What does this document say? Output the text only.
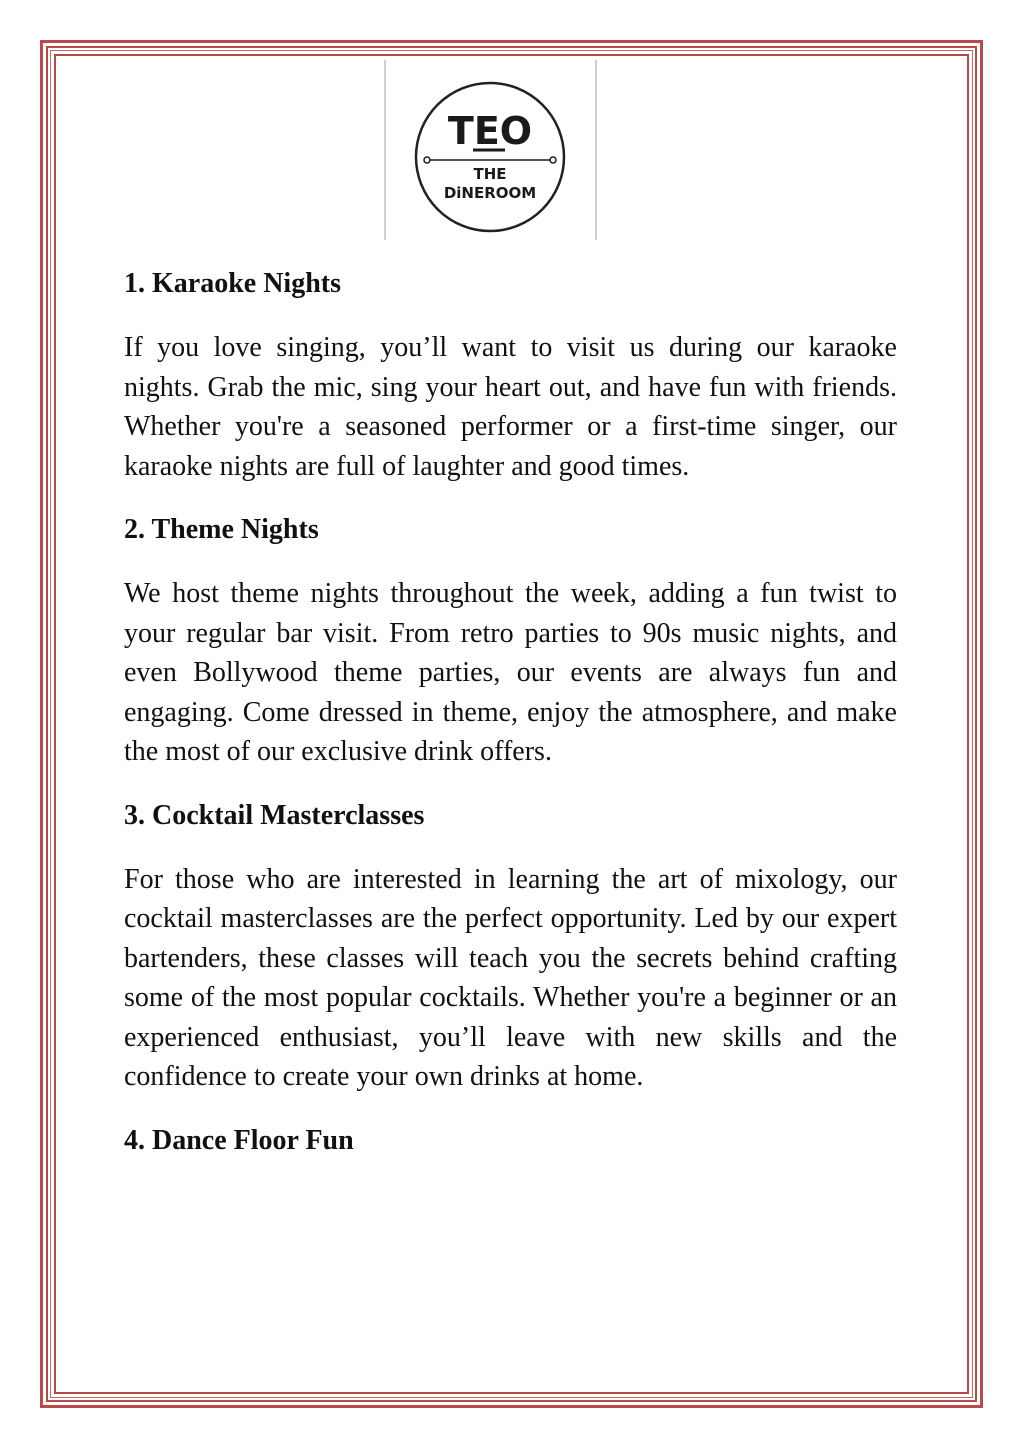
TEO
THE
DiNEROOM
1. Karaoke Nights

If you love singing, you’ll want to visit us during our karaoke nights. Grab the mic, sing your heart out, and have fun with friends. Whether you're a seasoned performer or a first-time singer, our karaoke nights are full of laughter and good times.

2. Theme Nights

We host theme nights throughout the week, adding a fun twist to your regular bar visit. From retro parties to 90s music nights, and even Bollywood theme parties, our events are always fun and engaging. Come dressed in theme, enjoy the atmosphere, and make the most of our exclusive drink offers.

3. Cocktail Masterclasses

For those who are interested in learning the art of mixology, our cocktail masterclasses are the perfect opportunity. Led by our expert bartenders, these classes will teach you the secrets behind crafting some of the most popular cocktails. Whether you're a beginner or an experienced enthusiast, you’ll leave with new skills and the confidence to create your own drinks at home.

4. Dance Floor Fun
